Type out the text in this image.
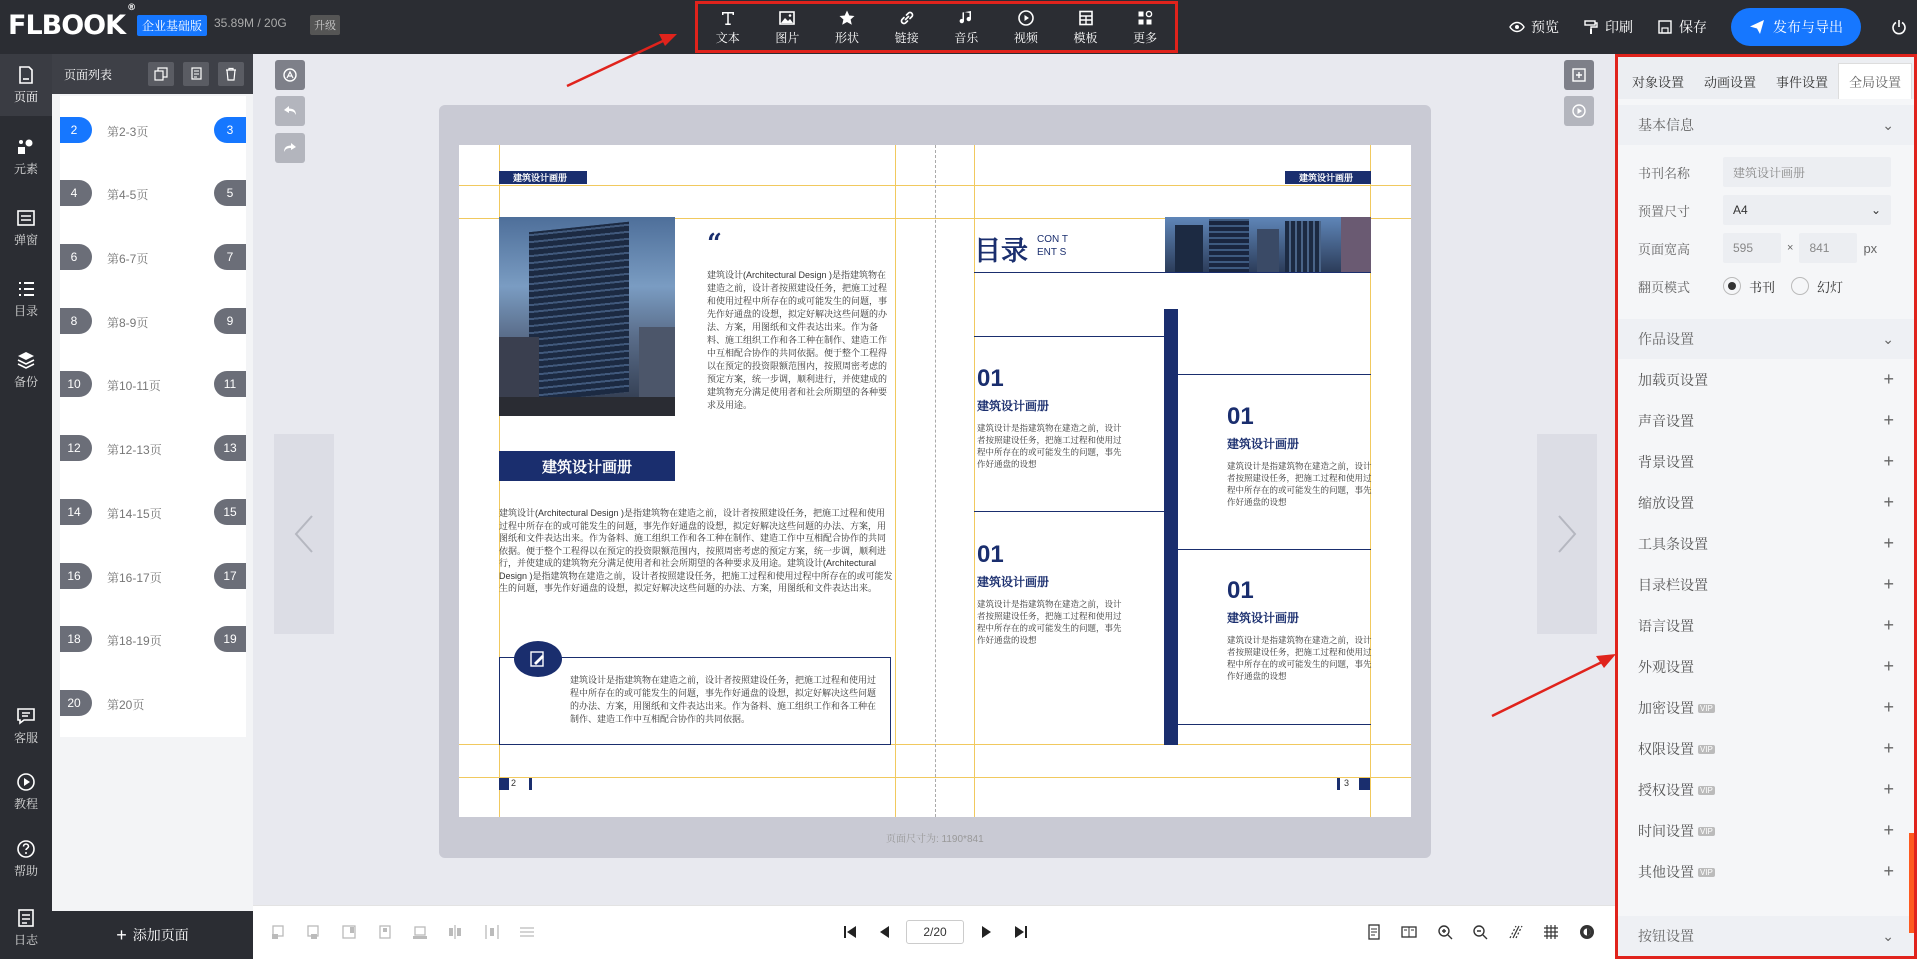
FLBOOK®
企业基础版 35.89M / 20G	升级
文本	图片	形状	链接	音乐	视频	模板	更多
预览	印刷	保存	发布与导出
页面
元素
弹窗
目录
备份
客服
教程
帮助
日志
页面列表
2	第2-3页	3
4	第4-5页	5
6	第6-7页	7
8	第8-9页	9
10	第10-11页	11
12	第12-13页	13
14	第14-15页	15
16	第16-17页	17
18	第18-19页	19
20	第20页
+ 添加页面
建筑设计画册
“
建筑设计(Architectural Design )是指建筑物在建造之前，设计者按照建设任务，把施工过程和使用过程中所存在的或可能发生的问题，事先作好通盘的设想，拟定好解决这些问题的办法、方案，用图纸和文件表达出来。作为备料、施工组织工作和各工种在制作、建造工作中互相配合协作的共同依据。便于整个工程得以在预定的投资限额范围内，按照周密考虑的预定方案，统一步调，顺利进行，并使建成的建筑物充分满足使用者和社会所期望的各种要求及用途。
建筑设计画册
建筑设计(Architectural Design )是指建筑物在建造之前，设计者按照建设任务，把施工过程和使用过程中所存在的或可能发生的问题，事先作好通盘的设想，拟定好解决这些问题的办法、方案，用图纸和文件表达出来。作为备料、施工组织工作和各工种在制作、建造工作中互相配合协作的共同依据。便于整个工程得以在预定的投资限额范围内，按照周密考虑的预定方案，统一步调，顺利进行，并使建成的建筑物充分满足使用者和社会所期望的各种要求及用途。建筑设计(Architectural Design )是指建筑物在建造之前，设计者按照建设任务，把施工过程和使用过程中所存在的或可能发生的问题，事先作好通盘的设想，拟定好解决这些问题的办法、方案，用图纸和文件表达出来。
建筑设计是指建筑物在建造之前，设计者按照建设任务，把施工过程和使用过程中所存在的或可能发生的问题，事先作好通盘的设想，拟定好解决这些问题的办法、方案，用图纸和文件表达出来。作为备料、施工组织工作和各工种在制作、建造工作中互相配合协作的共同依据。
2
建筑设计画册
目录 CON TENT S
01
建筑设计画册
建筑设计是指建筑物在建造之前，设计者按照建设任务，把施工过程和使用过程中所存在的或可能发生的问题，事先作好通盘的设想
01
建筑设计画册
建筑设计是指建筑物在建造之前，设计者按照建设任务，把施工过程和使用过程中所存在的或可能发生的问题，事先作好通盘的设想
01
建筑设计画册
建筑设计是指建筑物在建造之前，设计者按照建设任务，把施工过程和使用过程中所存在的或可能发生的问题，事先作好通盘的设想
01
建筑设计画册
建筑设计是指建筑物在建造之前，设计者按照建设任务，把施工过程和使用过程中所存在的或可能发生的问题，事先作好通盘的设想
3
页面尺寸为: 1190*841
对象设置	动画设置	事件设置	全局设置
基本信息	⌄
书刊名称	建筑设计画册
预置尺寸	A4	⌄
页面宽高	595	×	841	px
翻页模式	书刊	幻灯
作品设置	⌄
加载页设置	+
声音设置	+
背景设置	+
缩放设置	+
工具条设置	+
目录栏设置	+
语言设置	+
外观设置	+
加密设置 VIP	+
权限设置 VIP	+
授权设置 VIP	+
时间设置 VIP	+
其他设置 VIP	+
按钮设置	⌄
2/20
